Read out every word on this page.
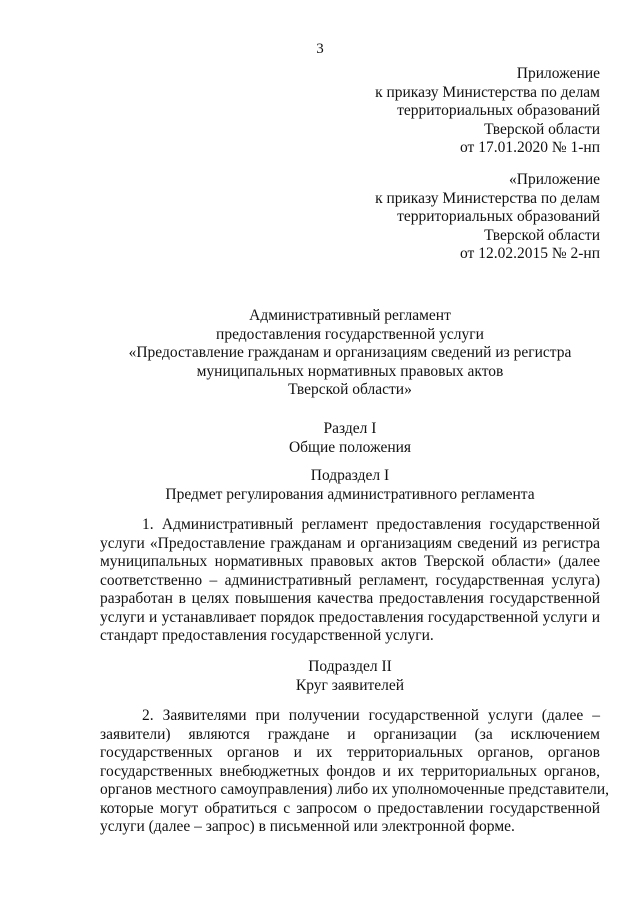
3
Приложение
к приказу Министерства по делам
территориальных образований
Тверской области
от 17.01.2020 № 1-нп
«Приложение
к приказу Министерства по делам
территориальных образований
Тверской области
от 12.02.2015 № 2-нп
Административный регламент
предоставления государственной услуги
«Предоставление гражданам и организациям сведений из регистра
муниципальных нормативных правовых актов
Тверской области»
Раздел I
Общие положения
Подраздел I
Предмет регулирования административного регламента
1. Административный регламент предоставления государственной
услуги «Предоставление гражданам и организациям сведений из регистра
муниципальных нормативных правовых актов Тверской области» (далее
соответственно – административный регламент, государственная услуга)
разработан в целях повышения качества предоставления государственной
услуги и устанавливает порядок предоставления государственной услуги и
стандарт предоставления государственной услуги.
Подраздел II
Круг заявителей
2. Заявителями при получении государственной услуги (далее –
заявители) являются граждане и организации (за исключением
государственных органов и их территориальных органов, органов
государственных внебюджетных фондов и их территориальных органов,
органов местного самоуправления) либо их уполномоченные представители,
которые могут обратиться с запросом о предоставлении государственной
услуги (далее – запрос) в письменной или электронной форме.
